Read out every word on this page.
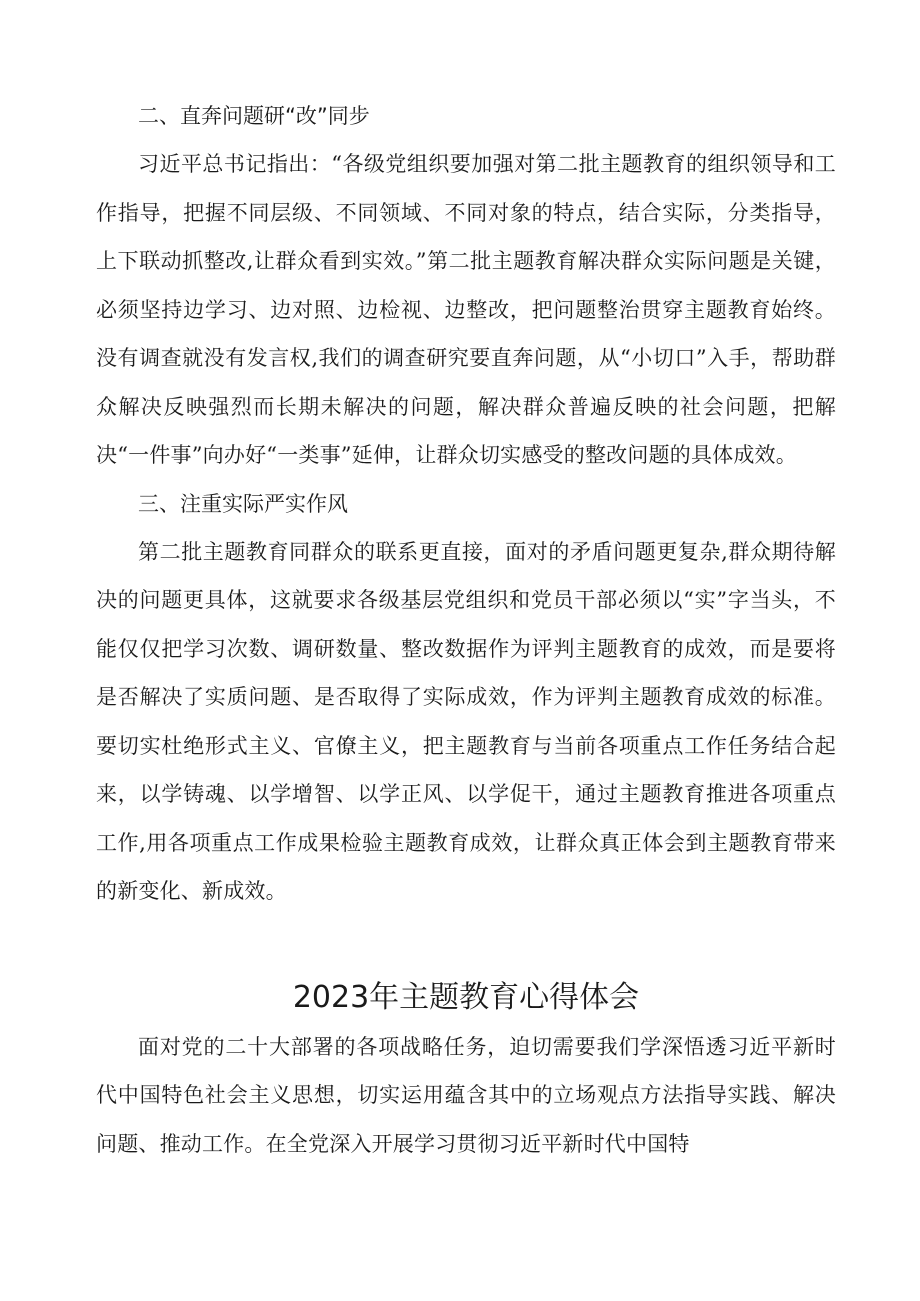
二、直奔问题研“改”同步

习近平总书记指出：“各级党组织要加强对第二批主题教育的组织领导和工作指导，把握不同层级、不同领域、不同对象的特点，结合实际，分类指导，上下联动抓整改,让群众看到实效。”第二批主题教育解决群众实际问题是关键，必须坚持边学习、边对照、边检视、边整改，把问题整治贯穿主题教育始终。没有调查就没有发言权,我们的调查研究要直奔问题，从“小切口”入手，帮助群众解决反映强烈而长期未解决的问题，解决群众普遍反映的社会问题，把解决“一件事”向办好“一类事”延伸，让群众切实感受的整改问题的具体成效。

三、注重实际严实作风

第二批主题教育同群众的联系更直接，面对的矛盾问题更复杂,群众期待解决的问题更具体，这就要求各级基层党组织和党员干部必须以“实”字当头，不能仅仅把学习次数、调研数量、整改数据作为评判主题教育的成效，而是要将是否解决了实质问题、是否取得了实际成效，作为评判主题教育成效的标准。要切实杜绝形式主义、官僚主义，把主题教育与当前各项重点工作任务结合起来，以学铸魂、以学增智、以学正风、以学促干，通过主题教育推进各项重点工作,用各项重点工作成果检验主题教育成效，让群众真正体会到主题教育带来的新变化、新成效。

2023年主题教育心得体会

面对党的二十大部署的各项战略任务，迫切需要我们学深悟透习近平新时代中国特色社会主义思想，切实运用蕴含其中的立场观点方法指导实践、解决问题、推动工作。在全党深入开展学习贯彻习近平新时代中国特
